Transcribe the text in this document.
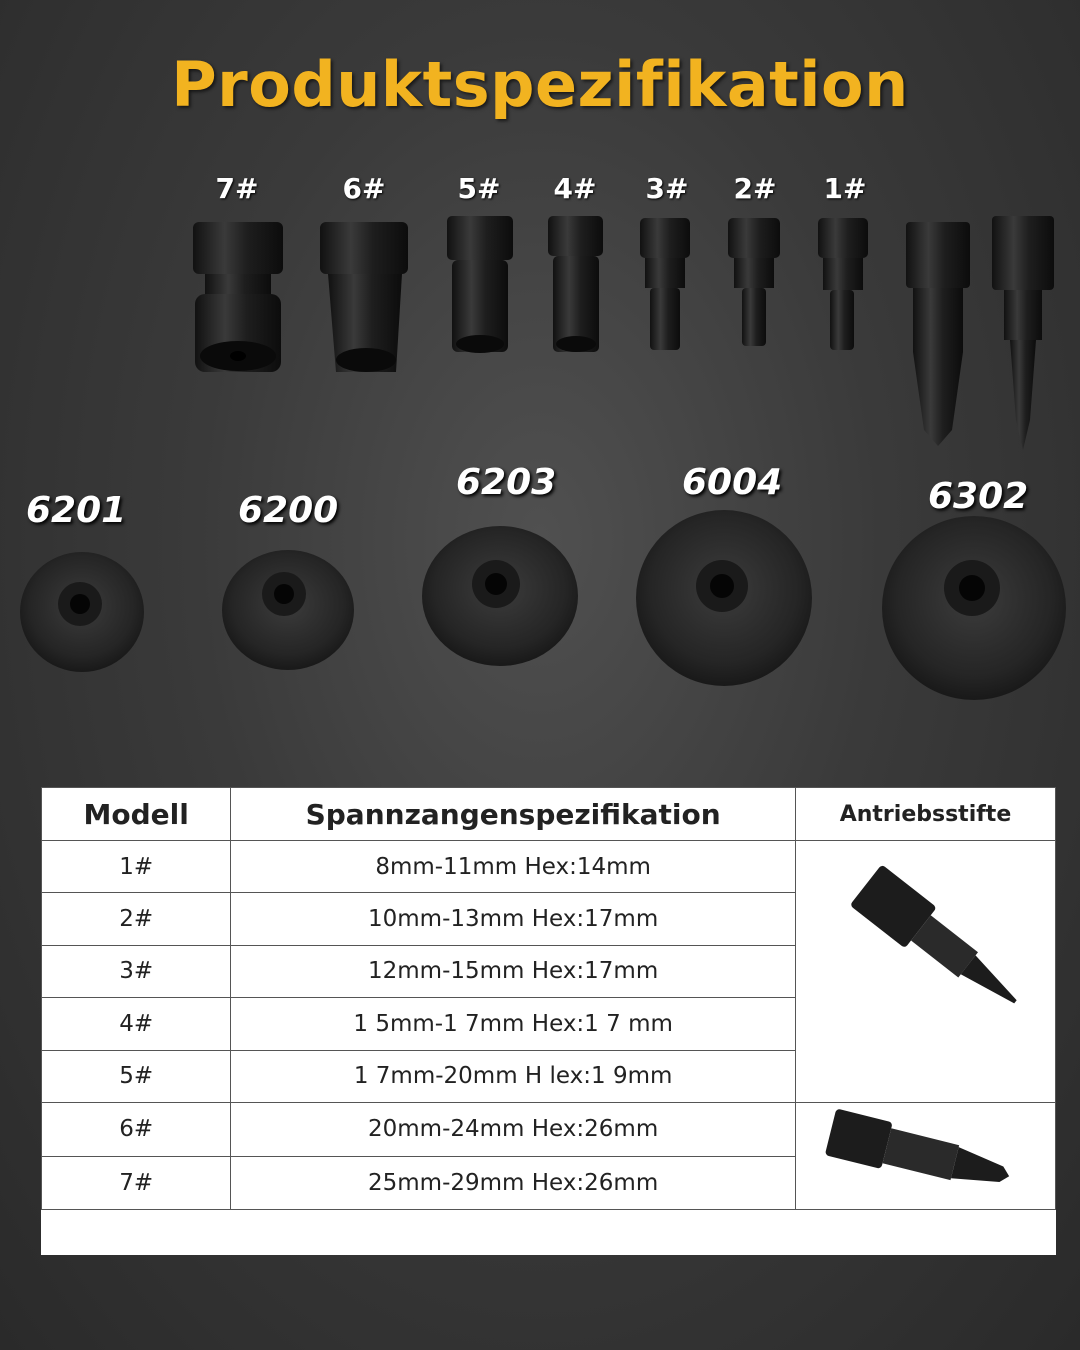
Produktspezifikation
7#	6#	5#	4#	3#	2#	1#
6201	6200
6203	6004	6302
Modell	Spannzangenspezifikation	Antriebsstifte
1#	8mm-11mm Hex:14mm	
2#	10mm-13mm Hex:17mm	
3#	12mm-15mm Hex:17mm	
4#	1 5mm-1 7mm Hex:1 7 mm	
5#	1 7mm-20mm H lex:1 9mm	
6#	20mm-24mm Hex:26mm	
7#	25mm-29mm Hex:26mm	
